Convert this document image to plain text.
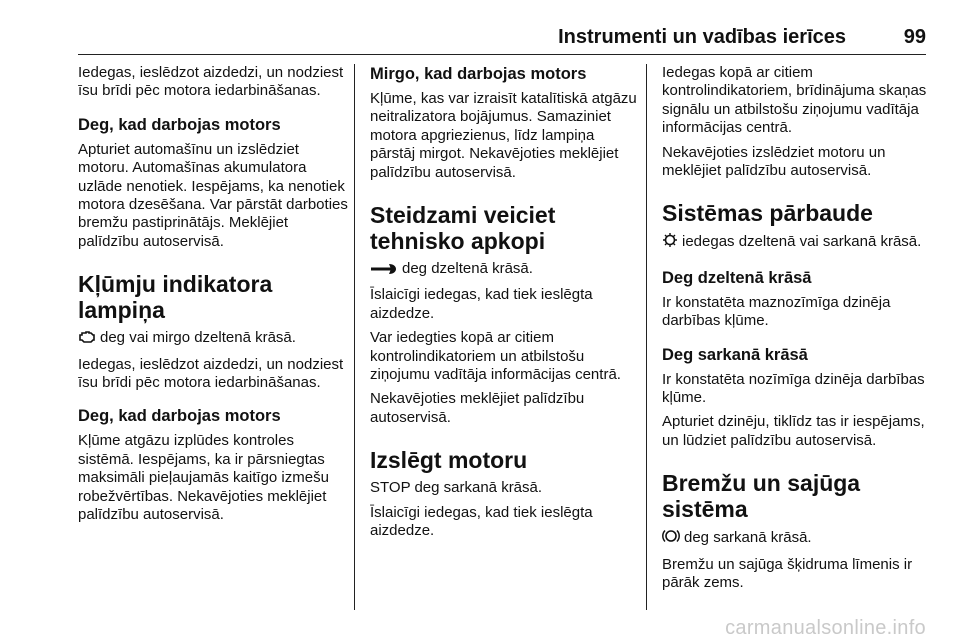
Instrumenti un vadības ierīces	99

Iedegas, ieslēdzot aizdedzi, un nodziest īsu brīdi pēc motora iedarbināšanas.

Deg, kad darbojas motors

Apturiet automašīnu un izslēdziet motoru. Automašīnas akumulatora uzlāde nenotiek. Iespējams, ka nenotiek motora dzesēšana. Var pārstāt darboties bremžu pastiprinātājs. Meklējiet palīdzību autoservisā.

Kļūmju indikatora lampiņa

deg vai mirgo dzeltenā krāsā.

Iedegas, ieslēdzot aizdedzi, un nodziest īsu brīdi pēc motora iedarbināšanas.

Deg, kad darbojas motors

Kļūme atgāzu izplūdes kontroles sistēmā. Iespējams, ka ir pārsniegtas maksimāli pieļaujamās kaitīgo izmešu robežvērtības. Nekavējoties meklējiet palīdzību autoservisā.

Mirgo, kad darbojas motors

Kļūme, kas var izraisīt katalītiskā atgāzu neitralizatora bojājumus. Samaziniet motora apgriezienus, līdz lampiņa pārstāj mirgot. Nekavējoties meklējiet palīdzību autoservisā.

Steidzami veiciet tehnisko apkopi

deg dzeltenā krāsā.

Īslaicīgi iedegas, kad tiek ieslēgta aizdedze.

Var iedegties kopā ar citiem kontrolindikatoriem un atbilstošu ziņojumu vadītāja informācijas centrā.

Nekavējoties meklējiet palīdzību autoservisā.

Izslēgt motoru

STOP deg sarkanā krāsā.

Īslaicīgi iedegas, kad tiek ieslēgta aizdedze.

Iedegas kopā ar citiem kontrolindikatoriem, brīdinājuma skaņas signālu un atbilstošu ziņojumu vadītāja informācijas centrā.

Nekavējoties izslēdziet motoru un meklējiet palīdzību autoservisā.

Sistēmas pārbaude

iedegas dzeltenā vai sarkanā krāsā.

Deg dzeltenā krāsā

Ir konstatēta maznozīmīga dzinēja darbības kļūme.

Deg sarkanā krāsā

Ir konstatēta nozīmīga dzinēja darbības kļūme.

Apturiet dzinēju, tiklīdz tas ir iespējams, un lūdziet palīdzību autoservisā.

Bremžu un sajūga sistēma

deg sarkanā krāsā.

Bremžu un sajūga šķidruma līmenis ir pārāk zems.

carmanualsonline.info
